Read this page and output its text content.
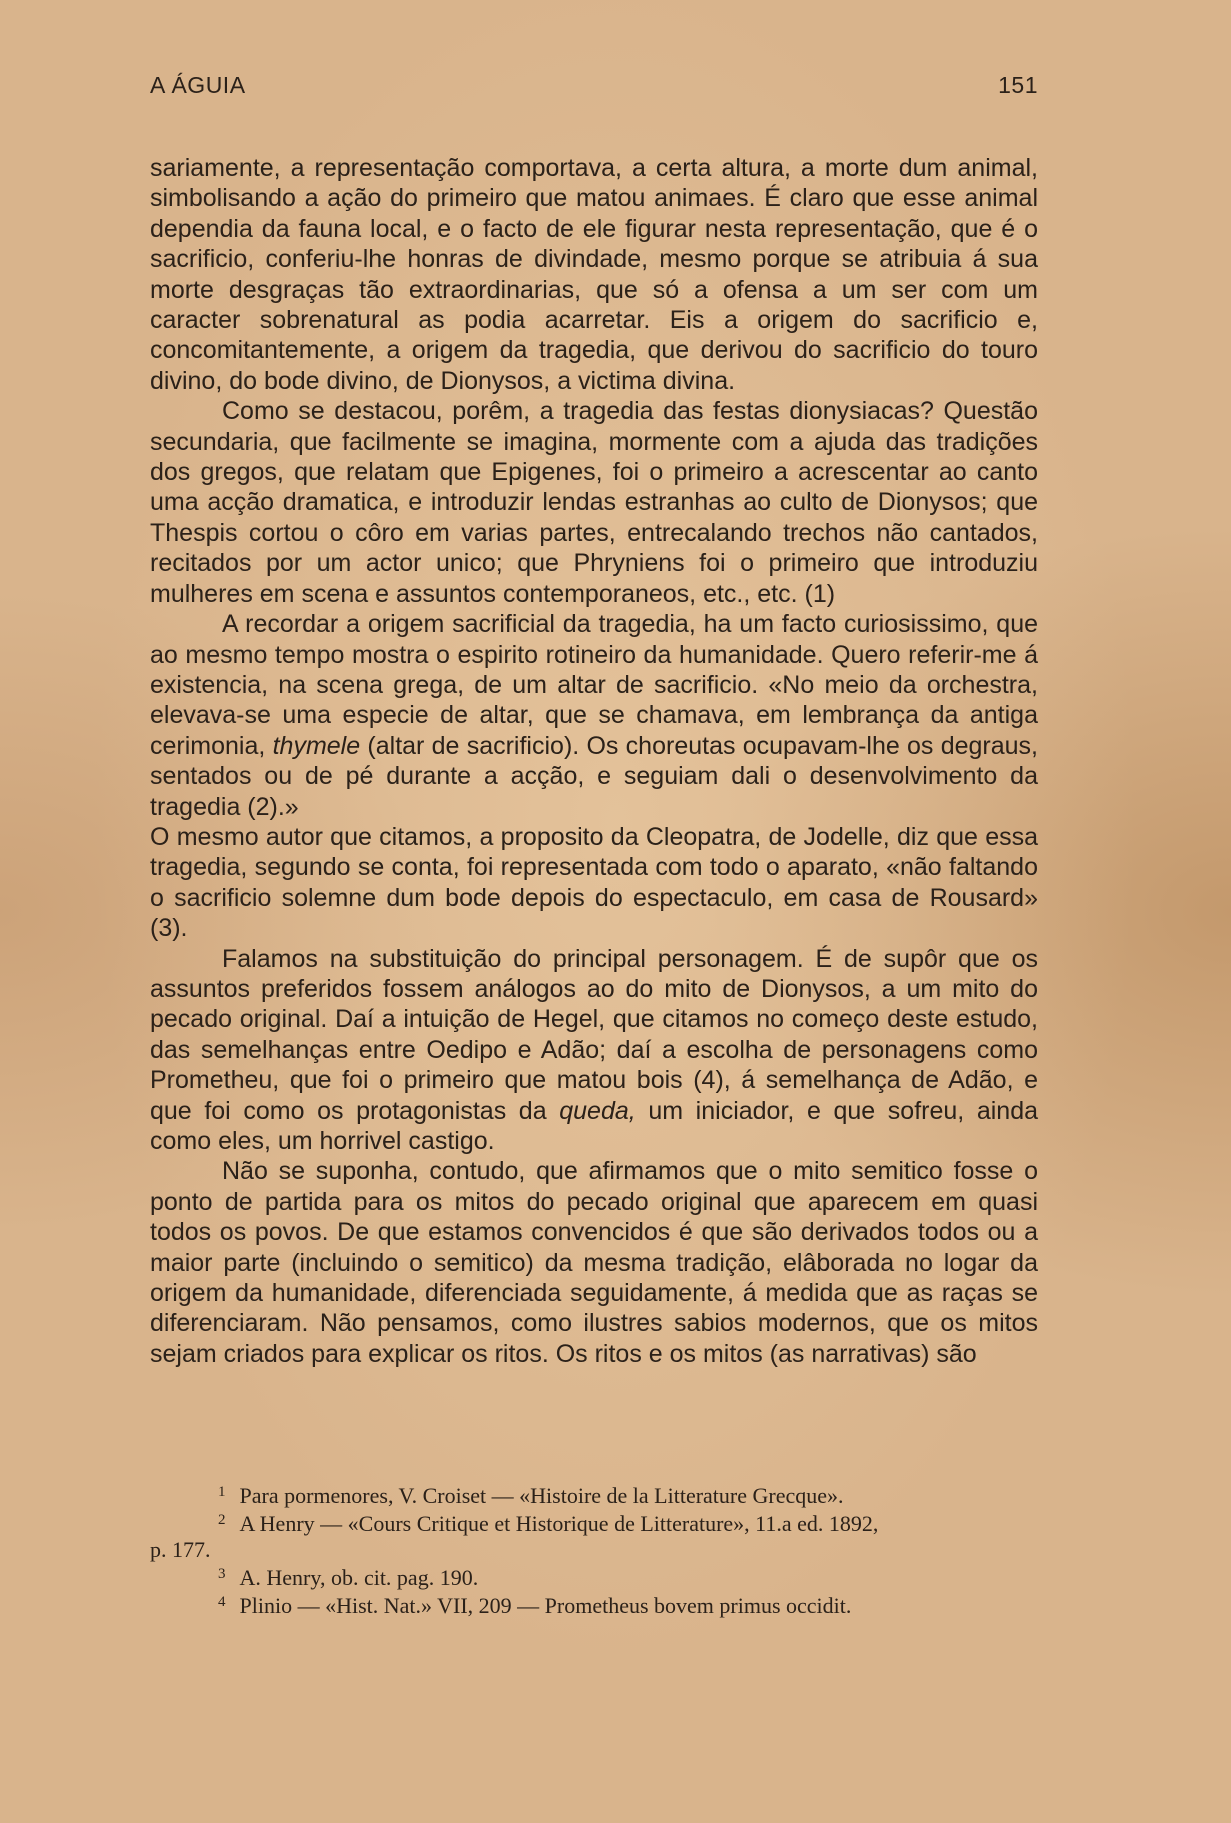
A ÁGUIA	151

sariamente, a representação comportava, a certa altura, a morte dum animal, simbolisando a ação do primeiro que matou animaes. É claro que esse animal dependia da fauna local, e o facto de ele figurar nesta representação, que é o sacrificio, conferiu-lhe honras de divindade, mesmo porque se atribuia á sua morte desgraças tão extraordinarias, que só a ofensa a um ser com um caracter sobrenatural as podia acarretar. Eis a origem do sacrificio e, concomitantemente, a origem da tragedia, que derivou do sacrificio do touro divino, do bode divino, de Dionysos, a victima divina.

Como se destacou, porêm, a tragedia das festas dionysiacas? Questão secundaria, que facilmente se imagina, mormente com a ajuda das tradições dos gregos, que relatam que Epigenes, foi o primeiro a acrescentar ao canto uma acção dramatica, e introduzir lendas estranhas ao culto de Dionysos; que Thespis cortou o côro em varias partes, entrecalando trechos não cantados, recitados por um actor unico; que Phryniens foi o primeiro que introduziu mulheres em scena e assuntos contemporaneos, etc., etc. (1)

A recordar a origem sacrificial da tragedia, ha um facto curiosissimo, que ao mesmo tempo mostra o espirito rotineiro da humanidade. Quero referir-me á existencia, na scena grega, de um altar de sacrificio. «No meio da orchestra, elevava-se uma especie de altar, que se chamava, em lembrança da antiga cerimonia, thymele (altar de sacrificio). Os choreutas ocupavam-lhe os degraus, sentados ou de pé durante a acção, e seguiam dali o desenvolvimento da tragedia (2).»

O mesmo autor que citamos, a proposito da Cleopatra, de Jodelle, diz que essa tragedia, segundo se conta, foi representada com todo o aparato, «não faltando o sacrificio solemne dum bode depois do espectaculo, em casa de Rousard» (3).

Falamos na substituição do principal personagem. É de supôr que os assuntos preferidos fossem análogos ao do mito de Dionysos, a um mito do pecado original. Daí a intuição de Hegel, que citamos no começo deste estudo, das semelhanças entre Oedipo e Adão; daí a escolha de personagens como Prometheu, que foi o primeiro que matou bois (4), á semelhança de Adão, e que foi como os protagonistas da queda, um iniciador, e que sofreu, ainda como eles, um horrivel castigo.

Não se suponha, contudo, que afirmamos que o mito semitico fosse o ponto de partida para os mitos do pecado original que aparecem em quasi todos os povos. De que estamos convencidos é que são derivados todos ou a maior parte (incluindo o semitico) da mesma tradição, elâborada no logar da origem da humanidade, diferenciada seguidamente, á medida que as raças se diferenciaram. Não pensamos, como ilustres sabios modernos, que os mitos sejam criados para explicar os ritos. Os ritos e os mitos (as narrativas) são

$^1$ Para pormenores, V. Croiset — «Histoire de la Litterature Grecque».

$^2$ A Henry — «Cours Critique et Historique de Litterature», 11.a ed. 1892,

p. 177.

$^3$ A. Henry, ob. cit. pag. 190.

$^4$ Plinio — «Hist. Nat.» VII, 209 — Prometheus bovem primus occidit.
